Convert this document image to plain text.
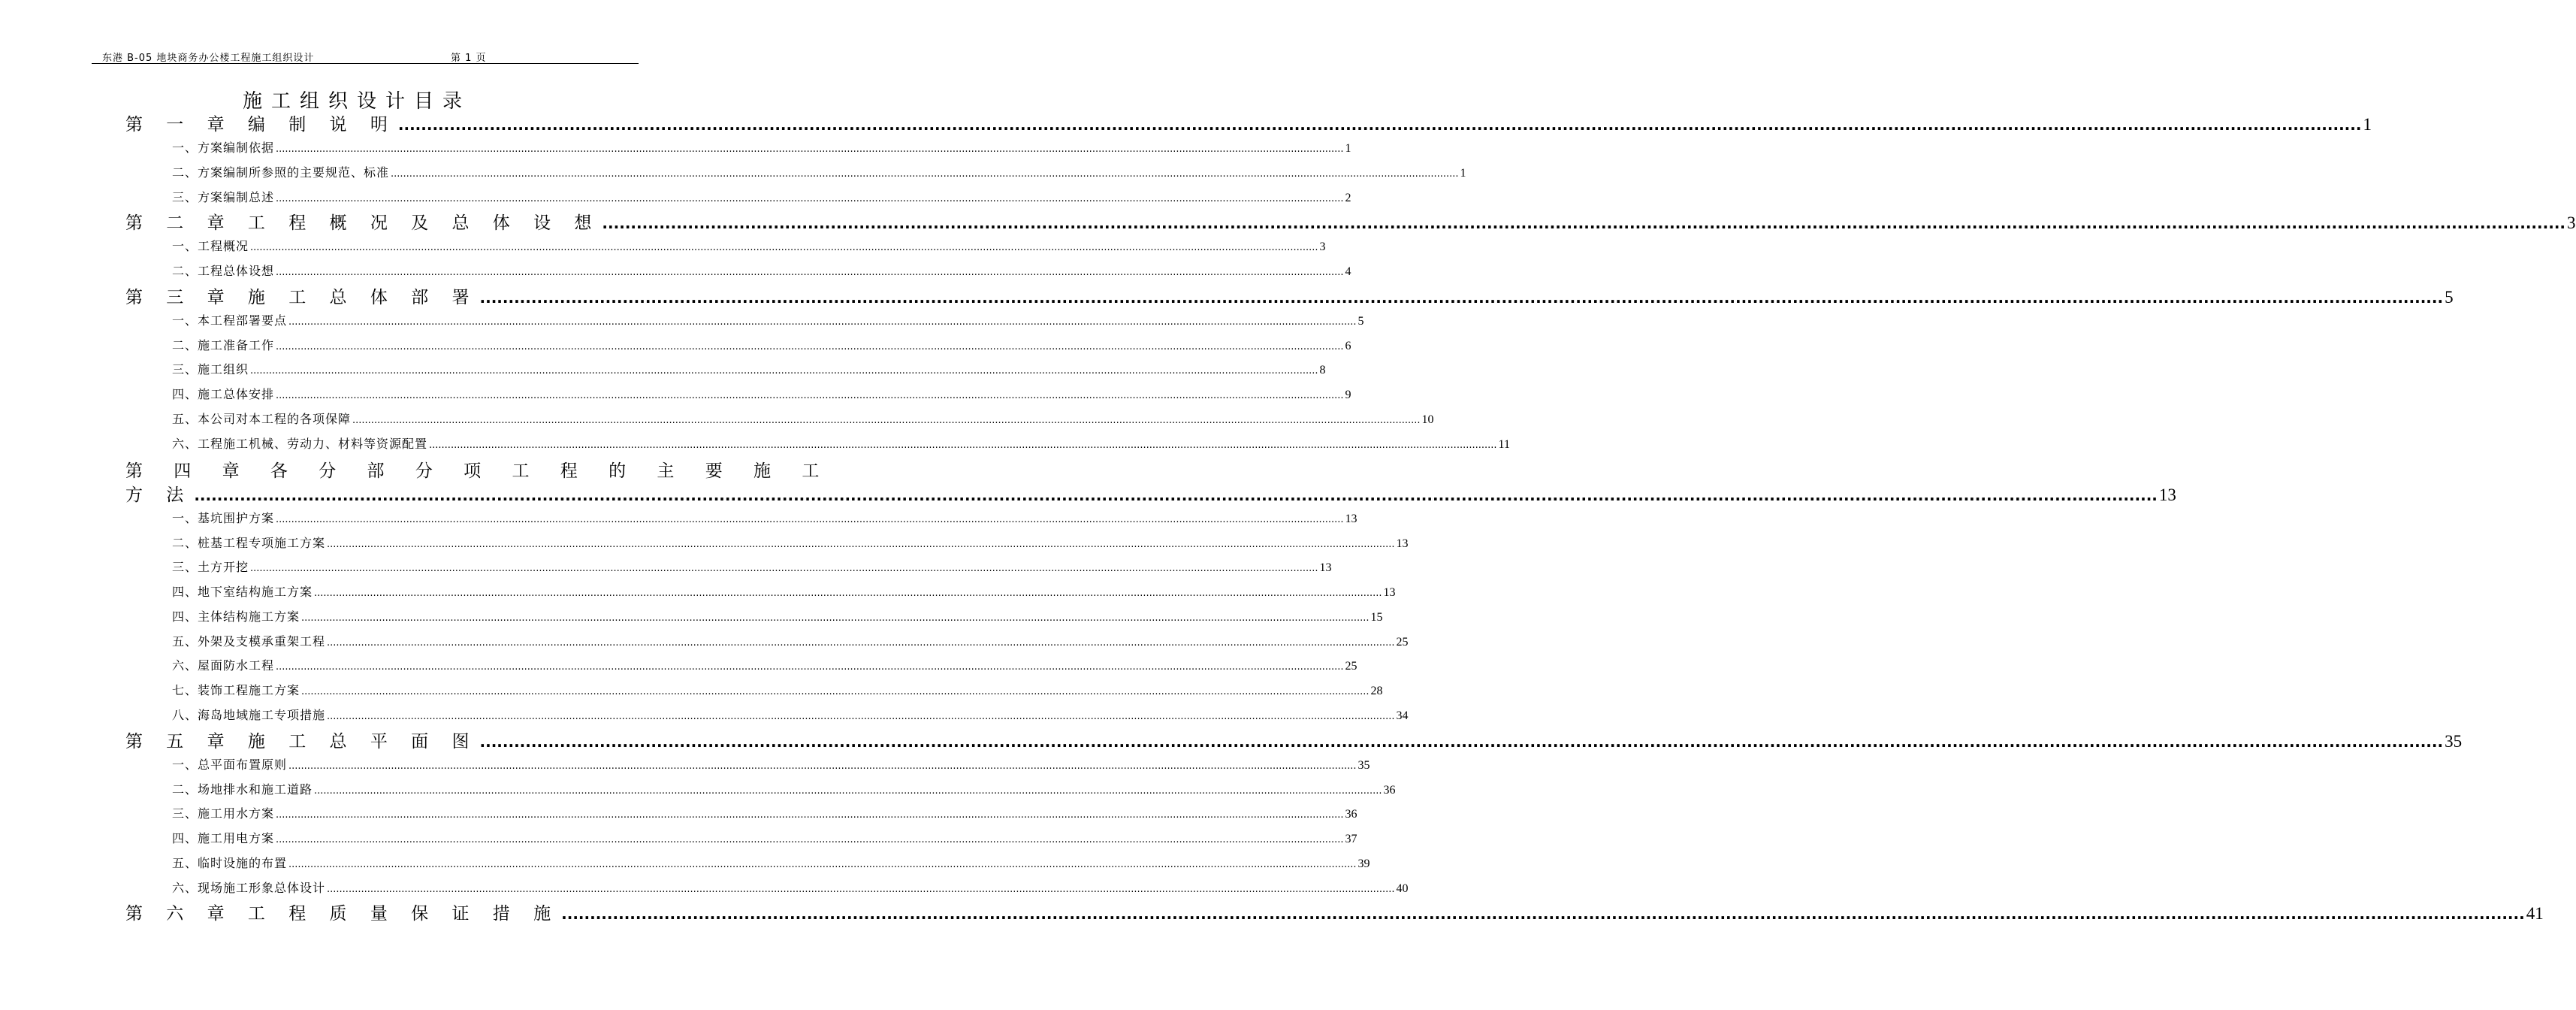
东港 B-05 地块商务办公楼工程施工组织设计	第 1 页
施工组织设计目录
第 一 章 编 制 说 明 .....	1
一、方案编制依据 .....	1
二、方案编制所参照的主要规范、标准 .....	1
三、方案编制总述 .....	2
第 二 章 工 程 概 况 及 总 体 设 想 .....	3
一、工程概况 .....	3
二、工程总体设想 .....	4
第 三 章 施 工 总 体 部 署 .....	5
一、本工程部署要点 .....	5
二、施工准备工作 .....	6
三、施工组织 .....	8
四、施工总体安排 .....	9
五、本公司对本工程的各项保障 .....	10
六、工程施工机械、劳动力、材料等资源配置 .....	11
第 四 章 各 分 部 分 项 工 程 的 主 要 施 工
方 法 .....	13
一、基坑围护方案 .....	13
二、桩基工程专项施工方案 .....	13
三、土方开挖 .....	13
四、地下室结构施工方案 .....	13
四、主体结构施工方案 .....	15
五、外架及支模承重架工程 .....	25
六、屋面防水工程 .....	25
七、装饰工程施工方案 .....	28
八、海岛地域施工专项措施 .....	34
第 五 章 施 工 总 平 面 图 .....	35
一、总平面布置原则 .....	35
二、场地排水和施工道路 .....	36
三、施工用水方案 .....	36
四、施工用电方案 .....	37
五、临时设施的布置 .....	39
六、现场施工形象总体设计 .....	40
第 六 章 工 程 质 量 保 证 措 施 .....	41
